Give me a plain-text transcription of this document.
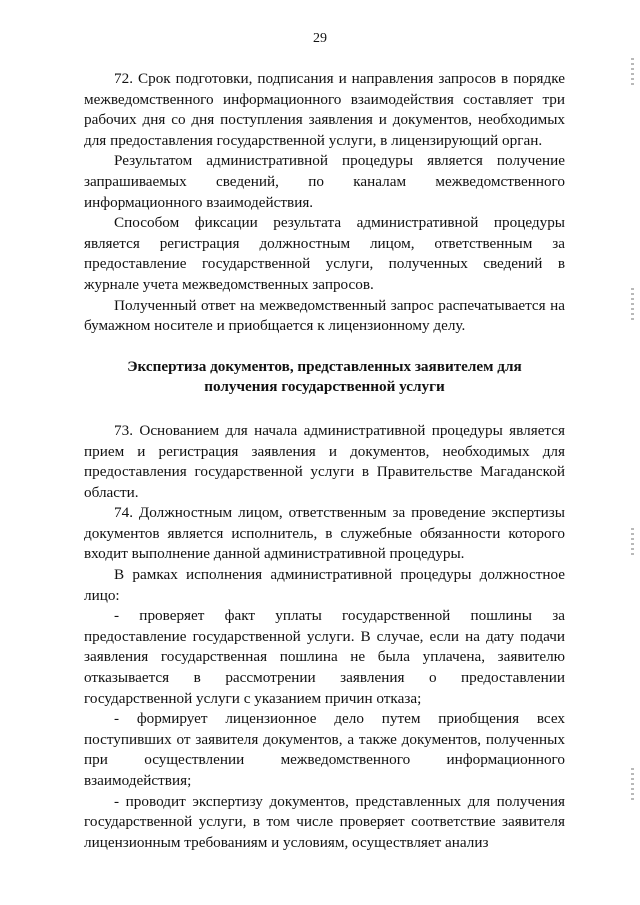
29

72. Срок подготовки, подписания и направления запросов в порядке межведомственного информационного взаимодействия составляет три рабочих дня со дня поступления заявления и документов, необходимых для предоставления государственной услуги, в лицензирующий орган.

Результатом административной процедуры является получение запрашиваемых сведений, по каналам межведомственного информационного взаимодействия.

Способом фиксации результата административной процедуры является регистрация должностным лицом, ответственным за предоставление государственной услуги, полученных сведений в журнале учета межведомственных запросов.

Полученный ответ на межведомственный запрос распечатывается на бумажном носителе и приобщается к лицензионному делу.

Экспертиза документов, представленных заявителем для
получения государственной услуги

73. Основанием для начала административной процедуры является прием и регистрация заявления и документов, необходимых для предоставления государственной услуги в Правительстве Магаданской области.

74. Должностным лицом, ответственным за проведение экспертизы документов является исполнитель, в служебные обязанности которого входит выполнение данной административной процедуры.

В рамках исполнения административной процедуры должностное лицо:

- проверяет факт уплаты государственной пошлины за предоставление государственной услуги. В случае, если на дату подачи заявления государственная пошлина не была уплачена, заявителю отказывается в рассмотрении заявления о предоставлении государственной услуги с указанием причин отказа;

- формирует лицензионное дело путем приобщения всех поступивших от заявителя документов, а также документов, полученных при осуществлении межведомственного информационного взаимодействия;

- проводит экспертизу документов, представленных для получения государственной услуги, в том числе проверяет соответствие заявителя лицензионным требованиям и условиям, осуществляет анализ
